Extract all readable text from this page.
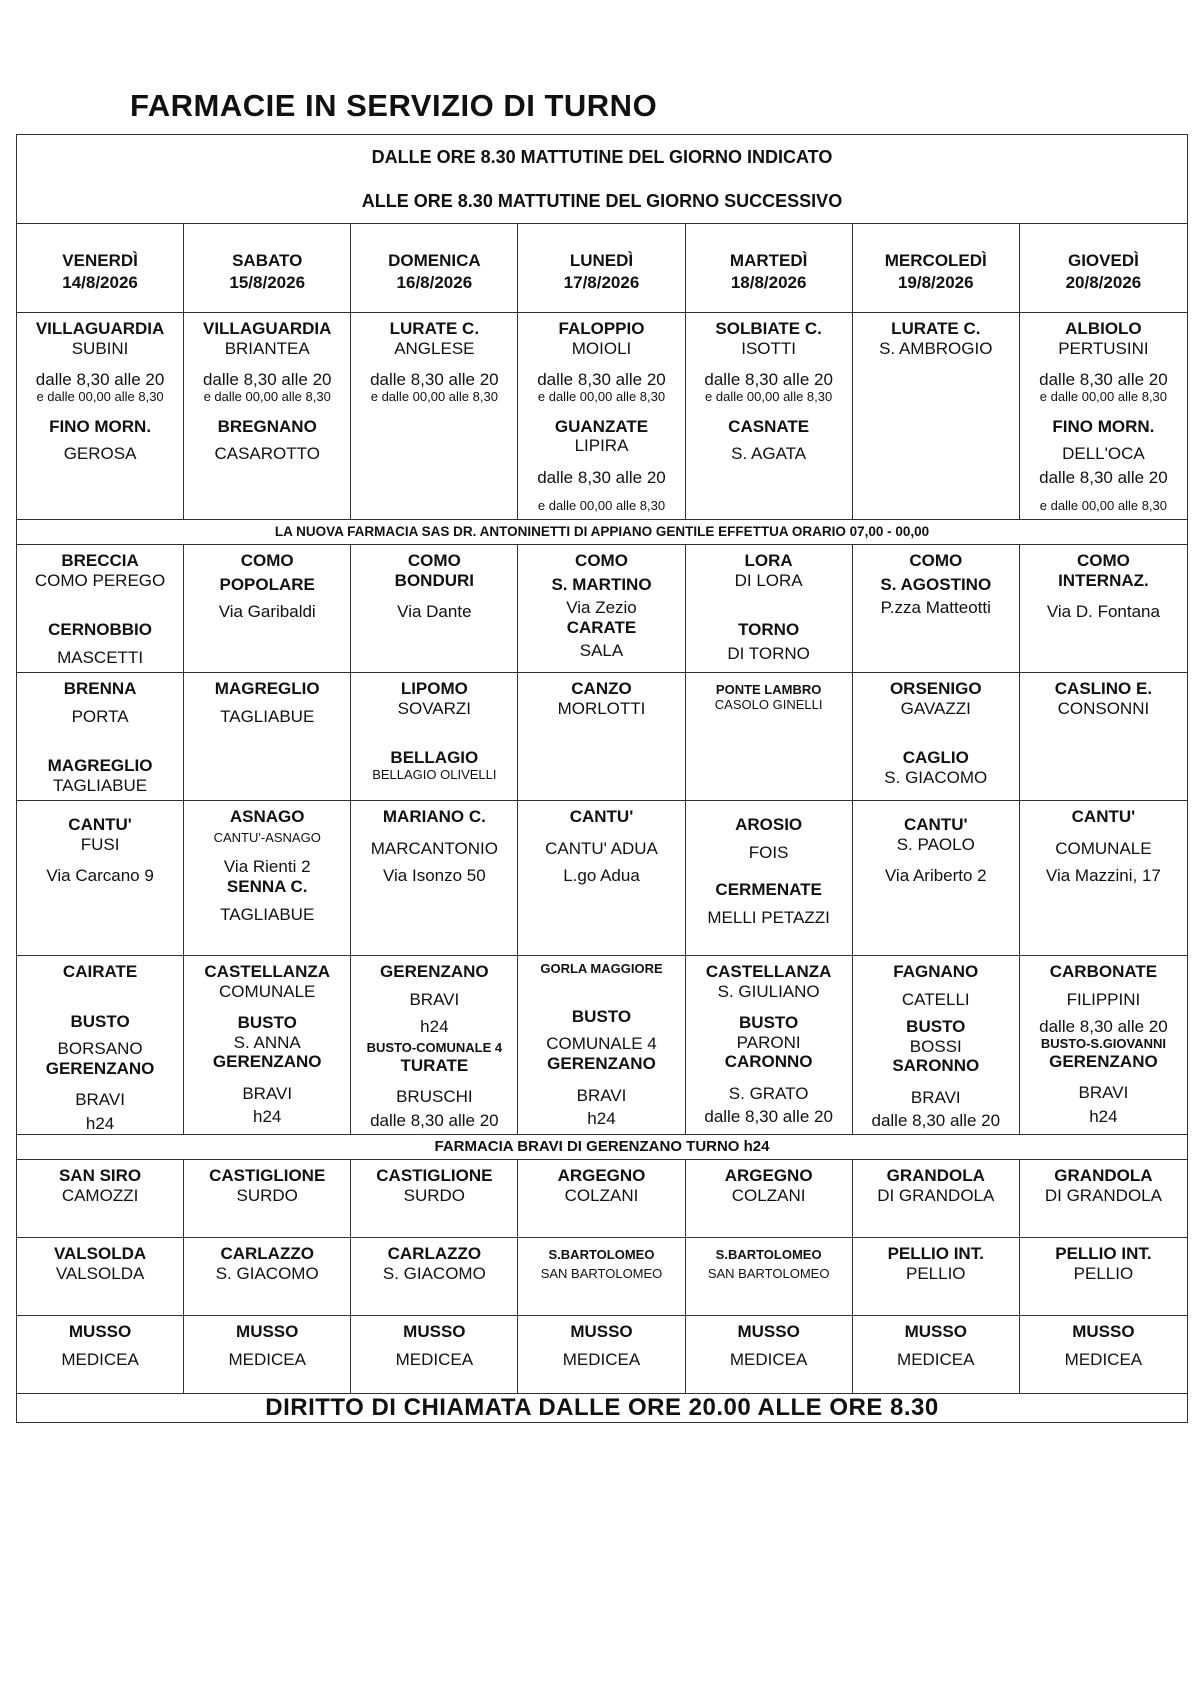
FARMACIE IN SERVIZIO DI TURNO
DALLE ORE 8.30 MATTUTINE DEL GIORNO INDICATO
ALLE ORE 8.30 MATTUTINE DEL GIORNO SUCCESSIVO
VENERDÌ
14/8/2026
SABATO
15/8/2026
DOMENICA
16/8/2026
LUNEDÌ
17/8/2026
MARTEDÌ
18/8/2026
MERCOLEDÌ
19/8/2026
GIOVEDÌ
20/8/2026
VILLAGUARDIA
SUBINI
dalle 8,30 alle 20
e dalle 00,00 alle 8,30
FINO MORN.
GEROSA
VILLAGUARDIA
BRIANTEA
dalle 8,30 alle 20
e dalle 00,00 alle 8,30
BREGNANO
CASAROTTO
LURATE C.
ANGLESE
dalle 8,30 alle 20
e dalle 00,00 alle 8,30
FALOPPIO
MOIOLI
dalle 8,30 alle 20
e dalle 00,00 alle 8,30
GUANZATE
LIPIRA
dalle 8,30 alle 20
e dalle 00,00 alle 8,30
SOLBIATE C.
ISOTTI
dalle 8,30 alle 20
e dalle 00,00 alle 8,30
CASNATE
S. AGATA
LURATE C.
S. AMBROGIO
ALBIOLO
PERTUSINI
dalle 8,30 alle 20
e dalle 00,00 alle 8,30
FINO MORN.
DELL'OCA
dalle 8,30 alle 20
e dalle 00,00 alle 8,30
LA NUOVA FARMACIA SAS DR. ANTONINETTI DI APPIANO GENTILE EFFETTUA ORARIO 07,00 - 00,00
BRECCIA
COMO PEREGO
CERNOBBIO
MASCETTI
COMO
POPOLARE
Via Garibaldi
COMO
BONDURI
Via Dante
COMO
S. MARTINO
Via Zezio
CARATE
SALA
LORA
DI LORA
TORNO
DI TORNO
COMO
S. AGOSTINO
P.zza Matteotti
COMO
INTERNAZ.
Via D. Fontana
BRENNA
PORTA
MAGREGLIO
TAGLIABUE
MAGREGLIO
TAGLIABUE
LIPOMO
SOVARZI
BELLAGIO
BELLAGIO OLIVELLI
CANZO
MORLOTTI
PONTE LAMBRO
CASOLO GINELLI
ORSENIGO
GAVAZZI
CAGLIO
S. GIACOMO
CASLINO E.
CONSONNI
CANTU'
FUSI
Via Carcano 9
ASNAGO
CANTU'-ASNAGO
Via Rienti 2
SENNA C.
TAGLIABUE
MARIANO C.
MARCANTONIO
Via Isonzo 50
CANTU'
CANTU' ADUA
L.go Adua
AROSIO
FOIS
CERMENATE
MELLI PETAZZI
CANTU'
S. PAOLO
Via Ariberto 2
CANTU'
COMUNALE
Via Mazzini, 17
CAIRATE
BUSTO
BORSANO
GERENZANO
BRAVI
h24
CASTELLANZA
COMUNALE
BUSTO
S. ANNA
GERENZANO
BRAVI
h24
GERENZANO
BRAVI
h24
BUSTO-COMUNALE 4
TURATE
BRUSCHI
dalle 8,30 alle 20
GORLA MAGGIORE
BUSTO
COMUNALE 4
GERENZANO
BRAVI
h24
CASTELLANZA
S. GIULIANO
BUSTO
PARONI
CARONNO
S. GRATO
dalle 8,30 alle 20
FAGNANO
CATELLI
BUSTO
BOSSI
SARONNO
BRAVI
dalle 8,30 alle 20
CARBONATE
FILIPPINI
dalle 8,30 alle 20
BUSTO-S.GIOVANNI
GERENZANO
BRAVI
h24
FARMACIA BRAVI DI GERENZANO TURNO h24
SAN SIRO
CAMOZZI
CASTIGLIONE
SURDO
CASTIGLIONE
SURDO
ARGEGNO
COLZANI
ARGEGNO
COLZANI
GRANDOLA
DI GRANDOLA
GRANDOLA
DI GRANDOLA
VALSOLDA
VALSOLDA
CARLAZZO
S. GIACOMO
CARLAZZO
S. GIACOMO
S.BARTOLOMEO
SAN BARTOLOMEO
S.BARTOLOMEO
SAN BARTOLOMEO
PELLIO INT.
PELLIO
PELLIO INT.
PELLIO
MUSSO
MEDICEA
MUSSO
MEDICEA
MUSSO
MEDICEA
MUSSO
MEDICEA
MUSSO
MEDICEA
MUSSO
MEDICEA
MUSSO
MEDICEA
DIRITTO DI CHIAMATA DALLE ORE 20.00 ALLE ORE 8.30
